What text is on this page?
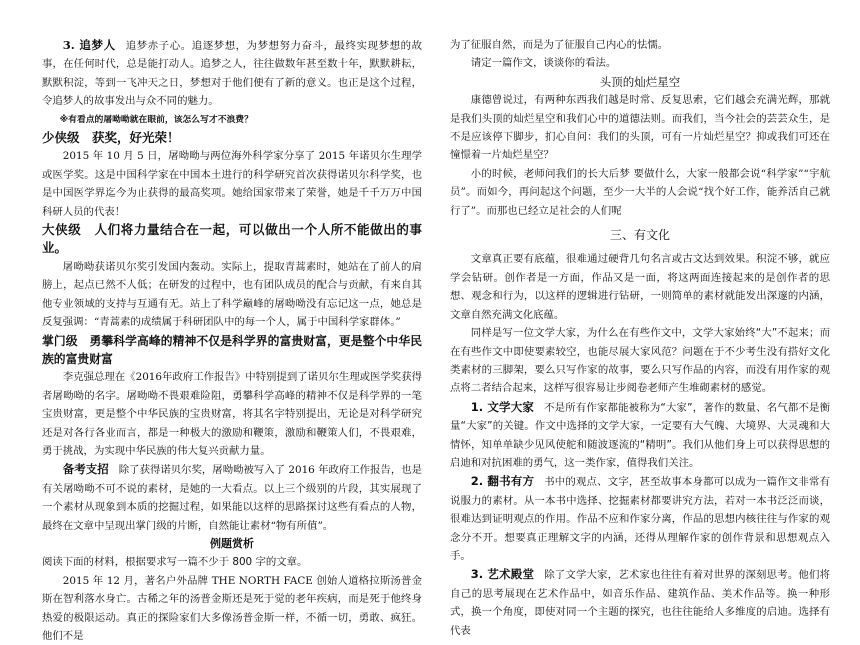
3. 追梦人 追梦赤子心。追逐梦想，为梦想努力奋斗，最终实现梦想的故事，在任何时代，总是能打动人。追梦之人，往往做数年甚至数十年，默默耕耘，默默积淀，等到一飞冲天之日，梦想对于他们便有了新的意义。也正是这个过程，令追梦人的故事发出与众不同的魅力。

※有看点的屠呦呦就在眼前，该怎么写才不浪费？

少侠级　获奖，好光荣！

2015 年 10 月 5 日，屠呦呦与两位海外科学家分享了 2015 年诺贝尔生理学或医学奖。这是中国科学家在中国本土进行的科学研究首次获得诺贝尔科学奖，也是中国医学界迄今为止获得的最高奖项。她给国家带来了荣誉，她是千千万万中国科研人员的代表！

大侠级　人们将力量结合在一起，可以做出一个人所不能做出的事业。

屠呦呦获诺贝尔奖引发国内轰动。实际上，提取青蒿素时，她站在了前人的肩膀上，起点已然不人低；在研发的过程中，也有团队成员的配合与贡献，有来自其他专业领域的支持与互通有无。站上了科学巅峰的屠呦呦没有忘记这一点，她总是反复强调：“青蒿素的成绩属于科研团队中的每一个人，属于中国科学家群体。”

掌门级　勇攀科学高峰的精神不仅是科学界的富贵财富，更是整个中华民族的富贵财富

李克强总理在《2016年政府工作报告》中特别提到了诺贝尔生理或医学奖获得者屠呦呦的名字。屠呦呦不畏艰难险阻，勇攀科学高峰的精神不仅是科学界的一笔宝贵财富，更是整个中华民族的宝贵财富，将其名字特别提出，无论是对科学研究还是对各行各业而言，都是一种极大的激励和鞭策，激励和鞭策人们，不畏艰难，勇于挑战，为实现中华民族的伟大复兴贡献力量。

备考支招 除了获得诺贝尔奖，屠呦呦被写入了 2016 年政府工作报告，也是有关屠呦呦不可不说的素材，是她的一大看点。以上三个级别的片段，其实展现了一个素材从现象到本质的挖掘过程，如果能以这样的思路探讨这些有看点的人物，最终在文章中呈现出掌门级的片断，自然能让素材“物有所值”。

例题赏析

阅读下面的材料，根据要求写一篇不少于 800 字的文章。

2015 年 12 月，著名户外品牌 THE NORTH FACE 创始人道格拉斯汤普金斯在智利落水身亡。古稀之年的汤普金斯还是死于觉的老年疾病，而是死于他终身热爱的极限运动。真正的探险家们大多像汤普金斯一样，不循一切，勇敢、疯狂。他们不是

为了征服自然，而是为了征服自己内心的怯懦。

请定一篇作文，谈谈你的看法。

头顶的灿烂星空

康德曾说过，有两种东西我们越是时常、反复思索，它们越会充满光辉，那就是我们头顶的灿烂星空和我们心中的道德法则。而我们，当今社会的芸芸众生，是不是应该停下脚步，扪心自问：我们的头顶，可有一片灿烂星空？抑或我们可还在憧憬着一片灿烂星空？

小的时候，老师问我们的长大后梦 要做什么，大家一般都会说“科学家”“宇航员”。而如今，再问起这个问题，至少一大半的人会说“找个好工作，能养活自己就行了”。而那也已经立足社会的人们呢

三、有文化

文章真正要有底蕴，很难通过硬背几句名言或古文达到效果。积淀不够，就应学会钻研。创作者是一方面，作品又是一面，将这两面连接起来的是创作者的思想、观念和行为，以这样的逻辑进行钻研，一则简单的素材就能发出深邃的内涵，文章自然充满文化底蕴。

同样是写一位文学大家，为什么在有些作文中，文学大家始终“大”不起来；而在有些作文中即使要素较空，也能尽展大家风范？问题在于不少考生没有搭好文化类素材的三脚架，要么只写作家的故事，要么只写作品的内容，而没有用作家的观点将二者结合起来，这样写很容易让步阅卷老师产生堆砌素材的感觉。

1. 文学大家 不是所有作家都能被称为“大家”，著作的数量、名气都不是衡量“大家”的关键。作文中选择的文学大家，一定要有大气魄、大境界、大灵魂和大情怀，知单单缺少见风使舵和随波逐流的“精明”。我们从他们身上可以获得思想的启迪和对抗困难的勇气，这一类作家，值得我们关注。

2. 翻书有方 书中的观点、文字，甚至故事本身都可以成为一篇作文非常有说服力的素材。从一本书中选择、挖掘素材都要讲究方法，若对一本书泛泛而谈，很难达到证明观点的作用。作品不应和作家分离，作品的思想内核往往与作家的观念分不开。想要真正理解文字的内涵，还得从理解作家的创作背景和思想观点入手。

3. 艺术殿堂 除了文学大家，艺术家也往往有着对世界的深刻思考。他们将自己的思考展现在艺术作品中，如音乐作品、建筑作品、美术作品等。换一种形式，换一个角度，即使对同一个主题的探究，也往往能给人多维度的启迪。选择有代表
